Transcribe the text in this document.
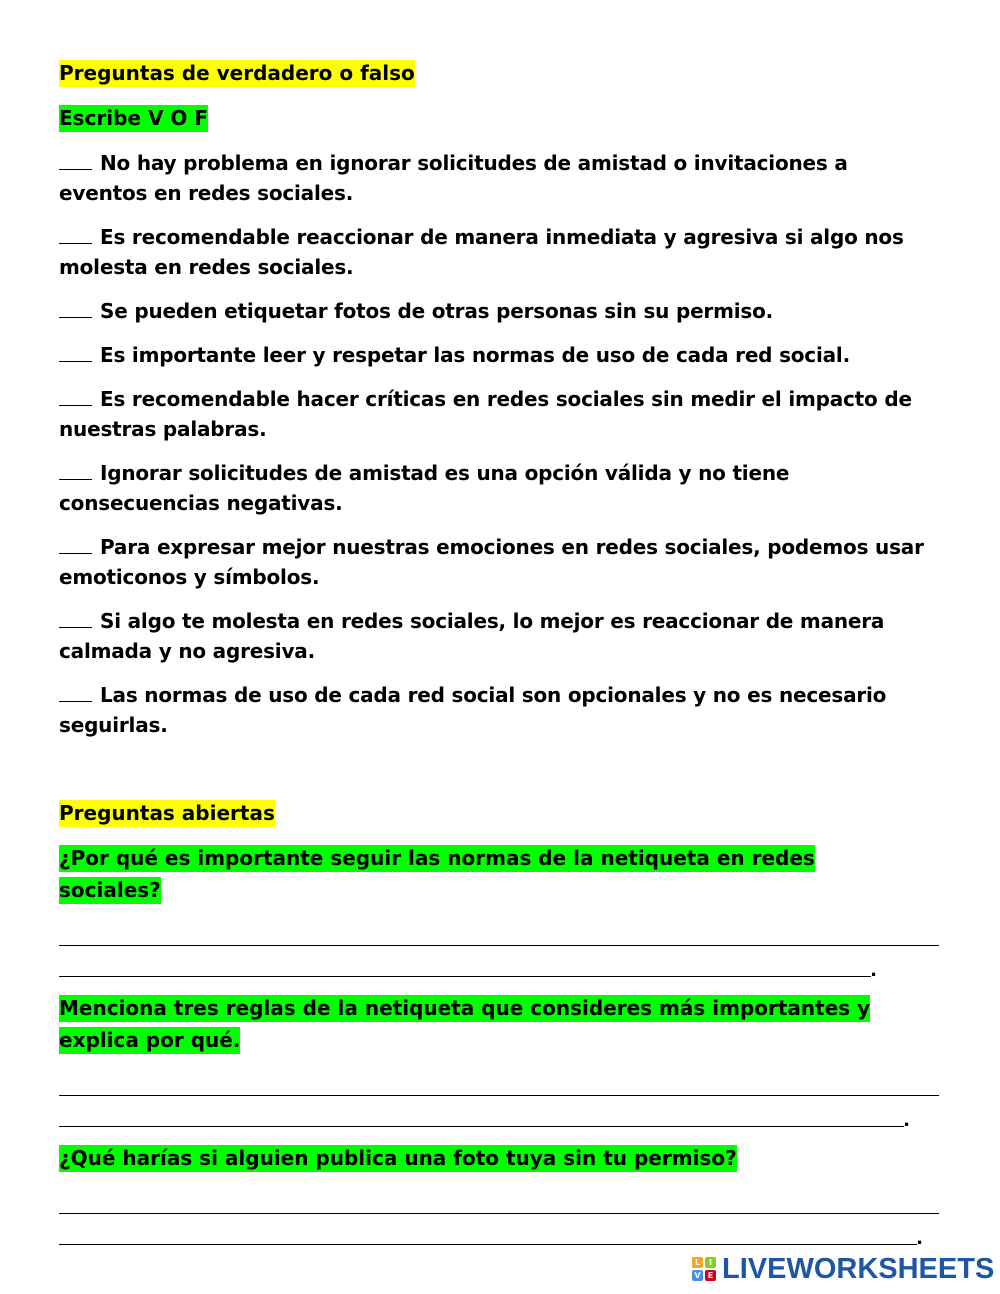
Preguntas de verdadero o falso
Escribe V O F
No hay problema en ignorar solicitudes de amistad o invitaciones a eventos en redes sociales.
Es recomendable reaccionar de manera inmediata y agresiva si algo nos molesta en redes sociales.
Se pueden etiquetar fotos de otras personas sin su permiso.
Es importante leer y respetar las normas de uso de cada red social.
Es recomendable hacer críticas en redes sociales sin medir el impacto de nuestras palabras.
Ignorar solicitudes de amistad es una opción válida y no tiene consecuencias negativas.
Para expresar mejor nuestras emociones en redes sociales, podemos usar emoticonos y símbolos.
Si algo te molesta en redes sociales, lo mejor es reaccionar de manera calmada y no agresiva.
Las normas de uso de cada red social son opcionales y no es necesario seguirlas.
Preguntas abiertas
¿Por qué es importante seguir las normas de la netiqueta en redes sociales?
.
Menciona tres reglas de la netiqueta que consideres más importantes y explica por qué.
.
¿Qué harías si alguien publica una foto tuya sin tu permiso?
.
L	I
V E LIVEWORKSHEETS
